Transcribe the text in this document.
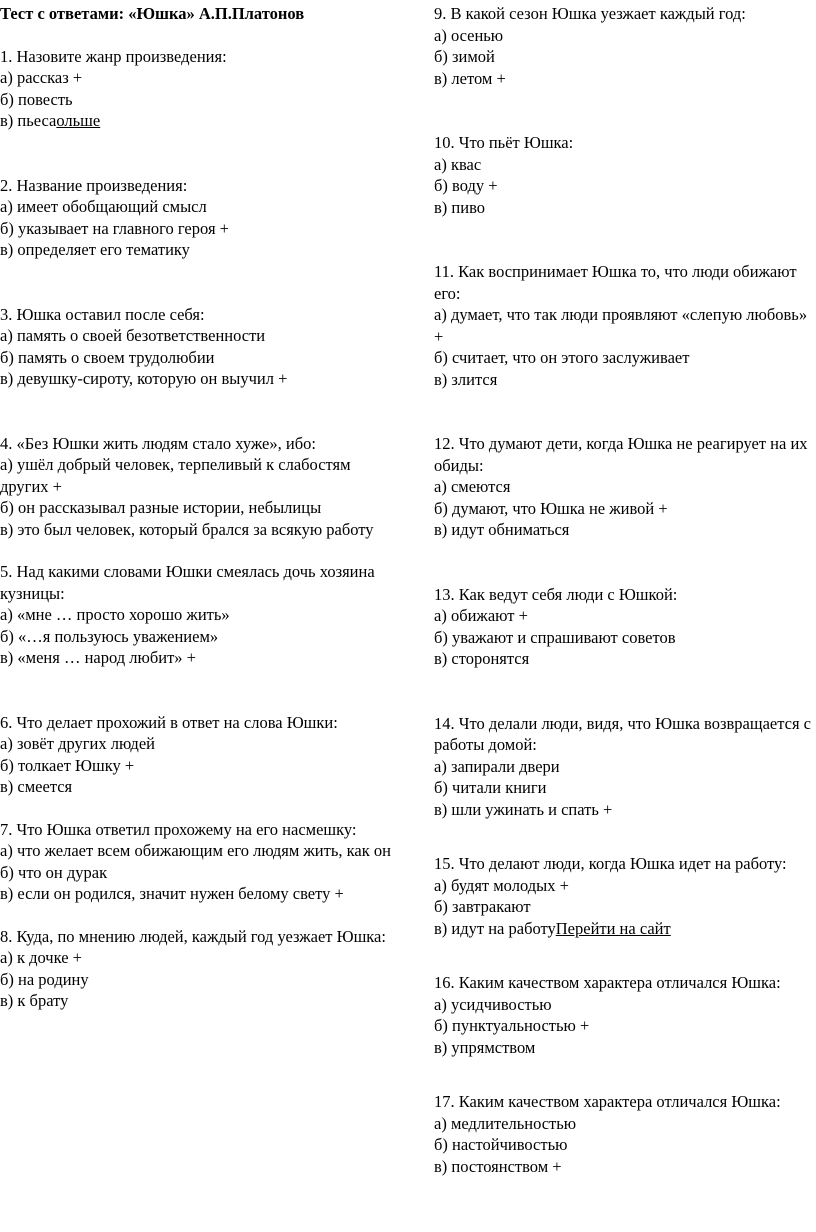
Тест с ответами: «Юшка» А.П.Платонов
1. Назовите жанр произведения:
а) рассказ +
б) повесть
в) пьесаольше
2. Название произведения:
а) имеет обобщающий смысл
б) указывает на главного героя +
в) определяет его тематику
3. Юшка оставил после себя:
а) память о своей безответственности
б) память о своем трудолюбии
в) девушку-сироту, которую он выучил +
4. «Без Юшки жить людям стало хуже», ибо:
а) ушёл добрый человек, терпеливый к слабостям других +
б) он рассказывал разные истории, небылицы
в) это был человек, который брался за всякую работу
5. Над какими словами Юшки смеялась дочь хозяина кузницы:
а) «мне … просто хорошо жить»
б) «…я пользуюсь уважением»
в) «меня … народ любит» +
6. Что делает прохожий в ответ на слова Юшки:
а) зовёт других людей
б) толкает Юшку +
в) смеется
7. Что Юшка ответил прохожему на его насмешку:
а) что желает всем обижающим его людям жить, как он
б) что он дурак
в) если он родился, значит нужен белому свету +
8. Куда, по мнению людей, каждый год уезжает Юшка:
а) к дочке +
б) на родину
в) к брату
9. В какой сезон Юшка уезжает каждый год:
а) осенью
б) зимой
в) летом +
10. Что пьёт Юшка:
а) квас
б) воду +
в) пиво
11. Как воспринимает Юшка то, что люди обижают его:
а) думает, что так люди проявляют «слепую любовь» +
б) считает, что он этого заслуживает
в) злится
12. Что думают дети, когда Юшка не реагирует на их обиды:
а) смеются
б) думают, что Юшка не живой +
в) идут обниматься
13. Как ведут себя люди с Юшкой:
а) обижают +
б) уважают и спрашивают советов
в) сторонятся
14. Что делали люди, видя, что Юшка возвращается с работы домой:
а) запирали двери
б) читали книги
в) шли ужинать и спать +
15. Что делают люди, когда Юшка идет на работу:
а) будят молодых +
б) завтракают
в) идут на работуПерейти на сайт
16. Каким качеством характера отличался Юшка:
а) усидчивостью
б) пунктуальностью +
в) упрямством
17. Каким качеством характера отличался Юшка:
а) медлительностью
б) настойчивостью
в) постоянством +
